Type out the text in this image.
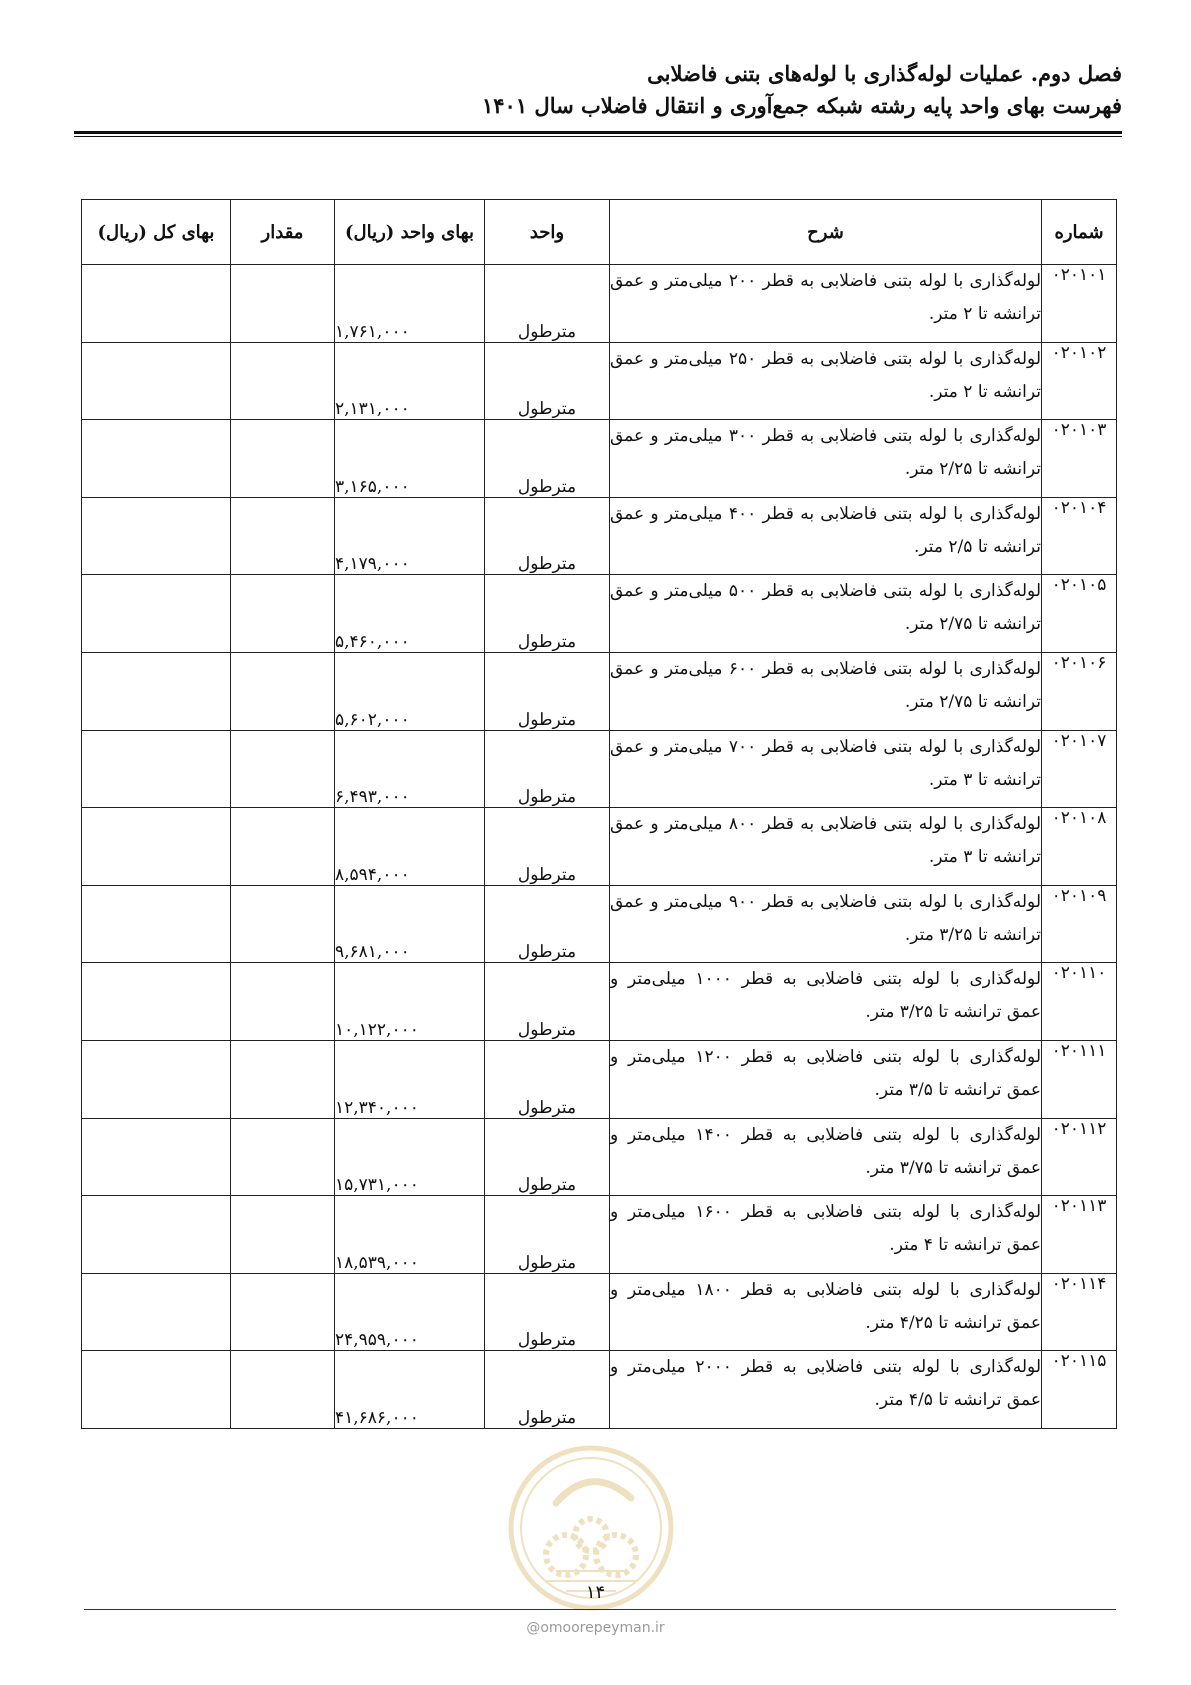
فصل دوم. عملیات لوله‌گذاری با لوله‌های بتنی فاضلابی
فهرست بهای واحد پایه رشته شبکه جمع‌آوری و انتقال فاضلاب سال ۱۴۰۱
شماره	شرح	واحد	بهای واحد (ریال)	مقدار	بهای کل (ریال)
۰۲۰۱۰۱	لوله‌گذاری با لوله بتنی فاضلابی به قطر ۲۰۰ میلی‌متر و عمق ترانشه تا ۲ متر.	مترطول	۱,۷۶۱,۰۰۰		
۰۲۰۱۰۲	لوله‌گذاری با لوله بتنی فاضلابی به قطر ۲۵۰ میلی‌متر و عمق ترانشه تا ۲ متر.	مترطول	۲,۱۳۱,۰۰۰		
۰۲۰۱۰۳	لوله‌گذاری با لوله بتنی فاضلابی به قطر ۳۰۰ میلی‌متر و عمق ترانشه تا ۲/۲۵ متر.	مترطول	۳,۱۶۵,۰۰۰		
۰۲۰۱۰۴	لوله‌گذاری با لوله بتنی فاضلابی به قطر ۴۰۰ میلی‌متر و عمق ترانشه تا ۲/۵ متر.	مترطول	۴,۱۷۹,۰۰۰		
۰۲۰۱۰۵	لوله‌گذاری با لوله بتنی فاضلابی به قطر ۵۰۰ میلی‌متر و عمق ترانشه تا ۲/۷۵ متر.	مترطول	۵,۴۶۰,۰۰۰		
۰۲۰۱۰۶	لوله‌گذاری با لوله بتنی فاضلابی به قطر ۶۰۰ میلی‌متر و عمق ترانشه تا ۲/۷۵ متر.	مترطول	۵,۶۰۲,۰۰۰		
۰۲۰۱۰۷	لوله‌گذاری با لوله بتنی فاضلابی به قطر ۷۰۰ میلی‌متر و عمق ترانشه تا ۳ متر.	مترطول	۶,۴۹۳,۰۰۰		
۰۲۰۱۰۸	لوله‌گذاری با لوله بتنی فاضلابی به قطر ۸۰۰ میلی‌متر و عمق ترانشه تا ۳ متر.	مترطول	۸,۵۹۴,۰۰۰		
۰۲۰۱۰۹	لوله‌گذاری با لوله بتنی فاضلابی به قطر ۹۰۰ میلی‌متر و عمق ترانشه تا ۳/۲۵ متر.	مترطول	۹,۶۸۱,۰۰۰		
۰۲۰۱۱۰	لوله‌گذاری با لوله بتنی فاضلابی به قطر ۱۰۰۰ میلی‌متر و عمق ترانشه تا ۳/۲۵ متر.	مترطول	۱۰,۱۲۲,۰۰۰		
۰۲۰۱۱۱	لوله‌گذاری با لوله بتنی فاضلابی به قطر ۱۲۰۰ میلی‌متر و عمق ترانشه تا ۳/۵ متر.	مترطول	۱۲,۳۴۰,۰۰۰		
۰۲۰۱۱۲	لوله‌گذاری با لوله بتنی فاضلابی به قطر ۱۴۰۰ میلی‌متر و عمق ترانشه تا ۳/۷۵ متر.	مترطول	۱۵,۷۳۱,۰۰۰		
۰۲۰۱۱۳	لوله‌گذاری با لوله بتنی فاضلابی به قطر ۱۶۰۰ میلی‌متر و عمق ترانشه تا ۴ متر.	مترطول	۱۸,۵۳۹,۰۰۰		
۰۲۰۱۱۴	لوله‌گذاری با لوله بتنی فاضلابی به قطر ۱۸۰۰ میلی‌متر و عمق ترانشه تا ۴/۲۵ متر.	مترطول	۲۴,۹۵۹,۰۰۰		
۰۲۰۱۱۵	لوله‌گذاری با لوله بتنی فاضلابی به قطر ۲۰۰۰ میلی‌متر و عمق ترانشه تا ۴/۵ متر.	مترطول	۴۱,۶۸۶,۰۰۰		
۱۴
@omoorepeyman.ir
